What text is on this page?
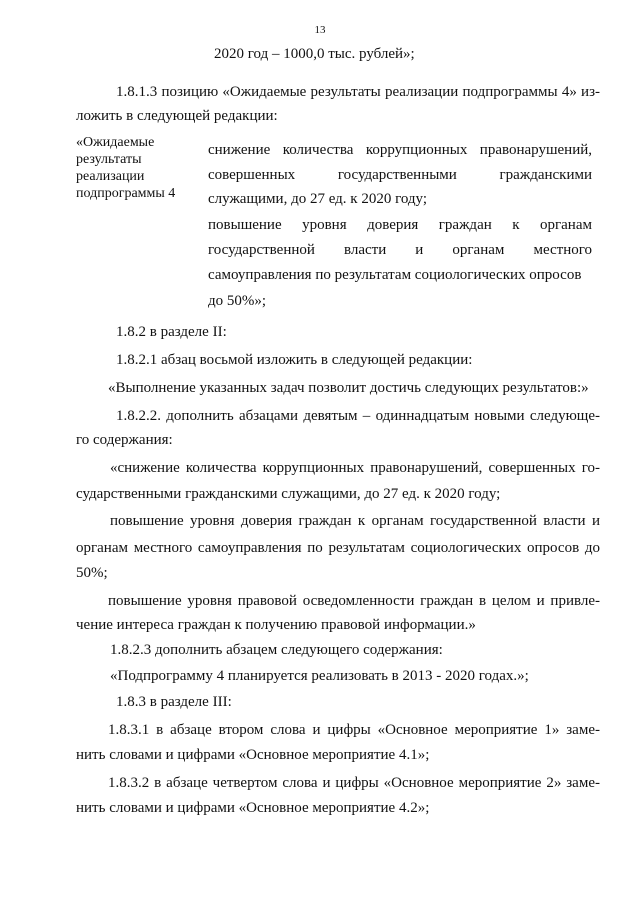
13
2020 год – 1000,0 тыс. рублей»;
1.8.1.3 позицию «Ожидаемые результаты реализации подпрограммы 4» из-
ложить в следующей редакции:
«Ожидаемые результаты реализации подпрограммы 4
снижение количества коррупционных правонарушений,
совершенных государственными гражданскими
служащими, до 27 ед. к 2020 году;
повышение уровня доверия граждан к органам
государственной власти и органам местного
самоуправления по результатам социологических опросов
до 50%»;
1.8.2 в разделе II:
1.8.2.1 абзац восьмой изложить в следующей редакции:
«Выполнение указанных задач позволит достичь следующих результатов:»
1.8.2.2. дополнить абзацами девятым – одиннадцатым новыми следующе-
го содержания:
«снижение количества коррупционных правонарушений, совершенных го-
сударственными гражданскими служащими, до 27 ед. к 2020 году;
повышение уровня доверия граждан к органам государственной власти и
органам местного самоуправления по результатам социологических опросов до
50%;
повышение уровня правовой осведомленности граждан в целом и привле-
чение интереса граждан к получению правовой информации.»
1.8.2.3 дополнить абзацем следующего содержания:
«Подпрограмму 4 планируется реализовать в 2013 - 2020 годах.»;
1.8.3 в разделе III:
1.8.3.1 в абзаце втором слова и цифры «Основное мероприятие 1» заме-
нить словами и цифрами «Основное мероприятие 4.1»;
1.8.3.2 в абзаце четвертом слова и цифры «Основное мероприятие 2» заме-
нить словами и цифрами «Основное мероприятие 4.2»;
